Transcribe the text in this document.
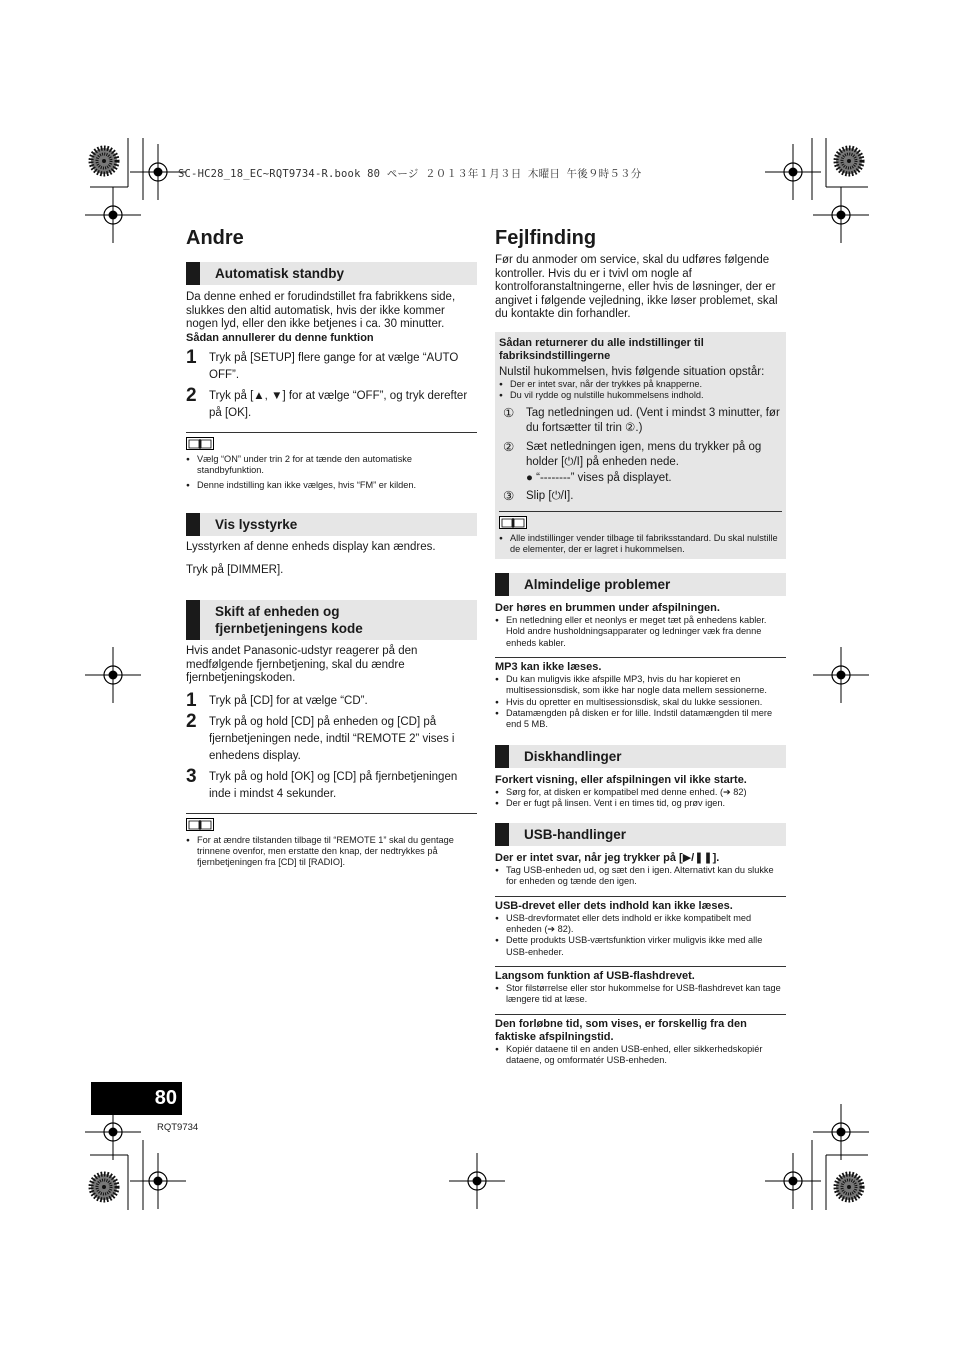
SC-HC28_18_EC~RQT9734-R.book 80 ページ ２０１３年１月３日 木曜日 午後９時５３分
Andre
Automatisk standby

Da denne enhed er forudindstillet fra fabrikkens side, slukkes den altid automatisk, hvis der ikke kommer nogen lyd, eller den ikke betjenes i ca. 30 minutter.

Sådan annullerer du denne funktion

1 Tryk på [SETUP] flere gange for at vælge “AUTO OFF”.
2 Tryk på [▲, ▼] for at vælge “OFF”, og tryk derefter på [OK].
● Vælg “ON” under trin 2 for at tænde den automatiske standbyfunktion.
● Denne indstilling kan ikke vælges, hvis “FM” er kilden.
Vis lysstyrke

Lysstyrken af denne enheds display kan ændres.

Tryk på [DIMMER].

Skift af enheden og
fjernbetjeningens kode

Hvis andet Panasonic-udstyr reagerer på den medfølgende fjernbetjening, skal du ændre fjernbetjeningskoden.

1 Tryk på [CD] for at vælge “CD”.
2 Tryk på og hold [CD] på enheden og [CD] på fjernbetjeningen nede, indtil “REMOTE 2” vises i enhedens display.
3 Tryk på og hold [OK] og [CD] på fjernbetjeningen inde i mindst 4 sekunder.
● For at ændre tilstanden tilbage til “REMOTE 1” skal du gentage trinnene ovenfor, men erstatte den knap, der nedtrykkes på fjernbetjeningen fra [CD] til [RADIO].
Fejlfinding

Før du anmoder om service, skal du udføres følgende kontroller. Hvis du er i tvivl om nogle af kontrolforanstaltningerne, eller hvis de løsninger, der er angivet i følgende vejledning, ikke løser problemet, skal du kontakte din forhandler.

Sådan returnerer du alle indstillinger til fabriksindstillingerne

Nulstil hukommelsen, hvis følgende situation opstår:

● Der er intet svar, når der trykkes på knapperne.
● Du vil rydde og nulstille hukommelsens indhold.
① Tag netledningen ud. (Vent i mindst 3 minutter, før du fortsætter til trin ②.)
② Sæt netledningen igen, mens du trykker på og holder [⏻/I] på enheden nede.
● “--------” vises på displayet.
③ Slip [⏻/I].
● Alle indstillinger vender tilbage til fabriksstandard. Du skal nulstille de elementer, der er lagret i hukommelsen.
Almindelige problemer

Der høres en brummen under afspilningen.

● En netledning eller et neonlys er meget tæt på enhedens kabler. Hold andre husholdningsapparater og ledninger væk fra denne enheds kabler.

MP3 kan ikke læses.

● Du kan muligvis ikke afspille MP3, hvis du har kopieret en multisessionsdisk, som ikke har nogle data mellem sessionerne.
● Hvis du opretter en multisessionsdisk, skal du lukke sessionen.
● Datamængden på disken er for lille. Indstil datamængden til mere end 5 MB.
Diskhandlinger

Forkert visning, eller afspilningen vil ikke starte.

● Sørg for, at disken er kompatibel med denne enhed. (➔ 82)
● Der er fugt på linsen. Vent i en times tid, og prøv igen.
USB-handlinger

Der er intet svar, når jeg trykker på [▶/❚❚].

● Tag USB-enheden ud, og sæt den i igen. Alternativt kan du slukke for enheden og tænde den igen.

USB-drevet eller dets indhold kan ikke læses.

● USB-drevformatet eller dets indhold er ikke kompatibelt med enheden (➔ 82).
● Dette produkts USB-værtsfunktion virker muligvis ikke med alle USB-enheder.

Langsom funktion af USB-flashdrevet.

● Stor filstørrelse eller stor hukommelse for USB-flashdrevet kan tage længere tid at læse.

Den forløbne tid, som vises, er forskellig fra den faktiske afspilningstid.

● Kopiér dataene til en anden USB-enhed, eller sikkerhedskopiér dataene, og omformatér USB-enheden.
80
RQT9734
